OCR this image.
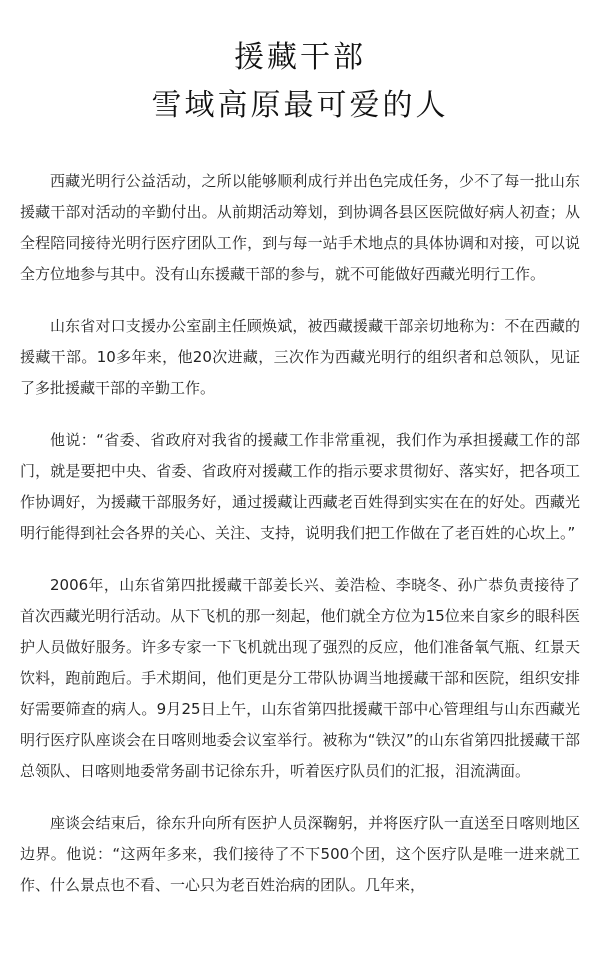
援藏干部
雪域高原最可爱的人

西藏光明行公益活动，之所以能够顺利成行并出色完成任务，少不了每一批山东援藏干部对活动的辛勤付出。从前期活动筹划，到协调各县区医院做好病人初查；从全程陪同接待光明行医疗团队工作，到与每一站手术地点的具体协调和对接，可以说全方位地参与其中。没有山东援藏干部的参与，就不可能做好西藏光明行工作。

山东省对口支援办公室副主任顾焕斌，被西藏援藏干部亲切地称为：不在西藏的援藏干部。10多年来，他20次进藏，三次作为西藏光明行的组织者和总领队，见证了多批援藏干部的辛勤工作。

他说：“省委、省政府对我省的援藏工作非常重视，我们作为承担援藏工作的部门，就是要把中央、省委、省政府对援藏工作的指示要求贯彻好、落实好，把各项工作协调好，为援藏干部服务好，通过援藏让西藏老百姓得到实实在在的好处。西藏光明行能得到社会各界的关心、关注、支持，说明我们把工作做在了老百姓的心坎上。”

2006年，山东省第四批援藏干部姜长兴、姜浩检、李晓冬、孙广恭负责接待了首次西藏光明行活动。从下飞机的那一刻起，他们就全方位为15位来自家乡的眼科医护人员做好服务。许多专家一下飞机就出现了强烈的反应，他们准备氧气瓶、红景天饮料，跑前跑后。手术期间，他们更是分工带队协调当地援藏干部和医院，组织安排好需要筛查的病人。9月25日上午，山东省第四批援藏干部中心管理组与山东西藏光明行医疗队座谈会在日喀则地委会议室举行。被称为“铁汉”的山东省第四批援藏干部总领队、日喀则地委常务副书记徐东升，听着医疗队员们的汇报，泪流满面。

座谈会结束后，徐东升向所有医护人员深鞠躬，并将医疗队一直送至日喀则地区边界。他说：“这两年多来，我们接待了不下500个团，这个医疗队是唯一进来就工作、什么景点也不看、一心只为老百姓治病的团队。几年来，
